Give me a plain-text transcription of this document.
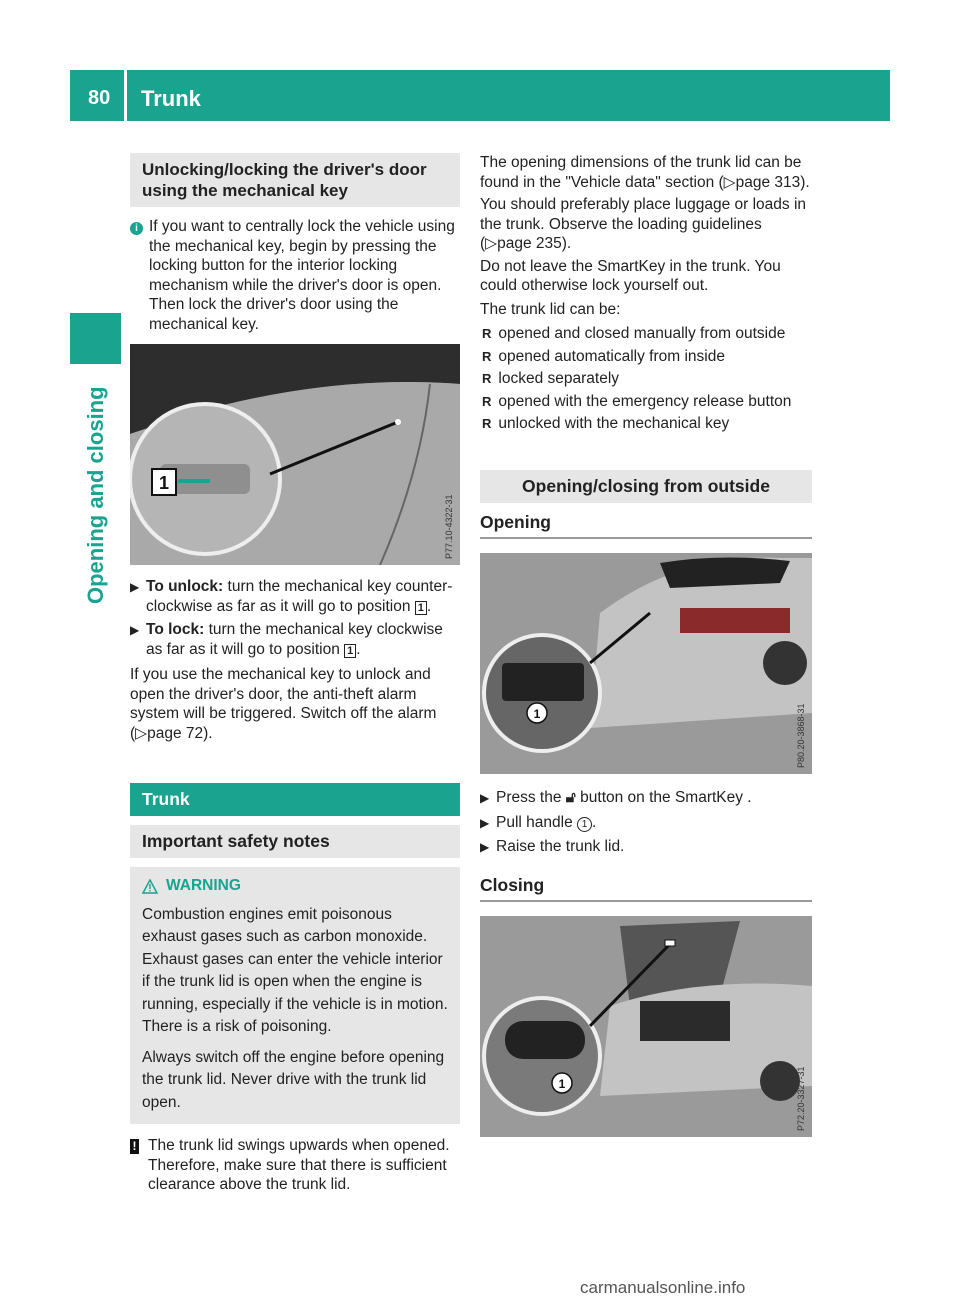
80 Trunk
Opening and closing
Unlocking/locking the driver's door using the mechanical key
i If you want to centrally lock the vehicle using the mechanical key, begin by pressing the locking button for the interior locking mechanism while the driver's door is open. Then lock the driver's door using the mechanical key.

1
P77.10-4322-31
▶ To unlock: turn the mechanical key counter-clockwise as far as it will go to position 1 .

▶ To lock: turn the mechanical key clockwise as far as it will go to position 1 .

If you use the mechanical key to unlock and open the driver's door, the anti-theft alarm system will be triggered. Switch off the alarm (▷page 72).

Trunk
Important safety notes
WARNING

Combustion engines emit poisonous exhaust gases such as carbon monoxide. Exhaust gases can enter the vehicle interior if the trunk lid is open when the engine is running, especially if the vehicle is in motion. There is a risk of poisoning.

Always switch off the engine before opening the trunk lid. Never drive with the trunk lid open.

! The trunk lid swings upwards when opened. Therefore, make sure that there is sufficient clearance above the trunk lid.

The opening dimensions of the trunk lid can be found in the "Vehicle data" section (▷page 313).

You should preferably place luggage or loads in the trunk. Observe the loading guidelines (▷page 235).

Do not leave the SmartKey in the trunk. You could otherwise lock yourself out.

The trunk lid can be:

R opened and closed manually from outside
R opened automatically from inside
R locked separately
R opened with the emergency release button
R unlocked with the mechanical key
Opening/closing from outside
Opening
1	P80.20-3868-31
▶ Press the 🔓︎ button on the SmartKey .

▶ Pull handle 1 .

▶ Raise the trunk lid.

Closing
1	P72.20-3327-31
carmanualsonline.info
